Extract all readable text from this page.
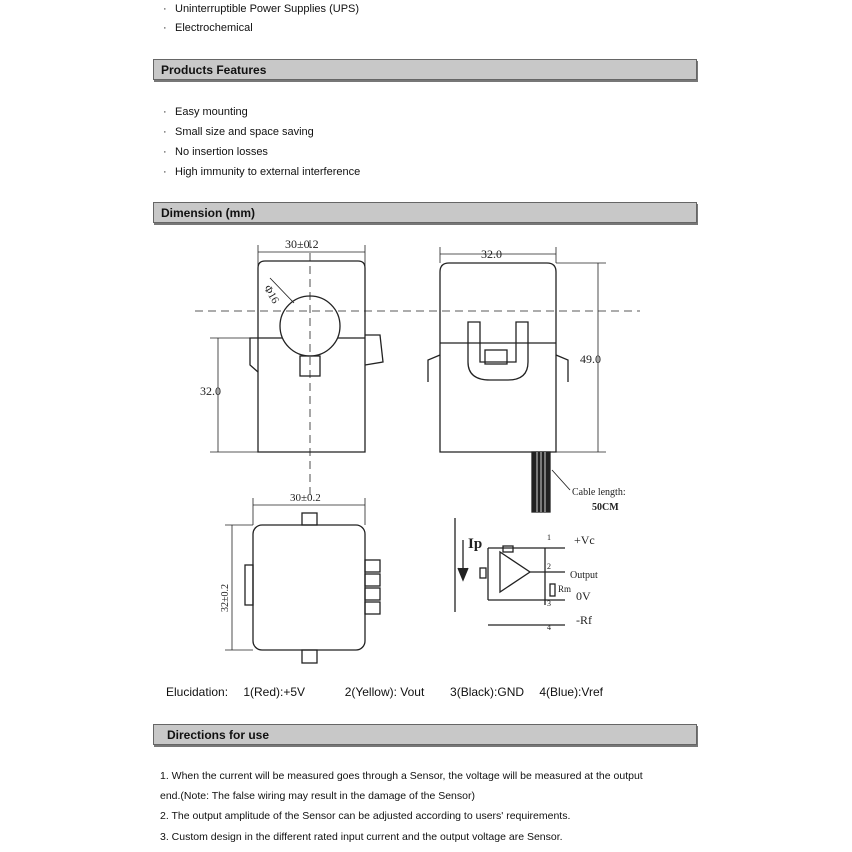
· Uninterruptible Power Supplies (UPS)
· Electrochemical
Products Features
· Easy mounting
· Small size and space saving
· No insertion losses
· High immunity to external interference
Dimension (mm)
30±0.2
Φ16
32.0
32.0
49.0
30±0.2
32±0.2
Cable length:
50CM
Ip	+Vc
Output
Rm 0V
-Rf
1
2
3
4
Elucidation: 1(Red):+5V	2(Yellow): Vout 3(Black):GND 4(Blue):Vref
Directions for use
1. When the current will be measured goes through a Sensor, the voltage will be measured at the output
end.(Note: The false wiring may result in the damage of the Sensor)
2. The output amplitude of the Sensor can be adjusted according to users' requirements.
3. Custom design in the different rated input current and the output voltage are Sensor.
